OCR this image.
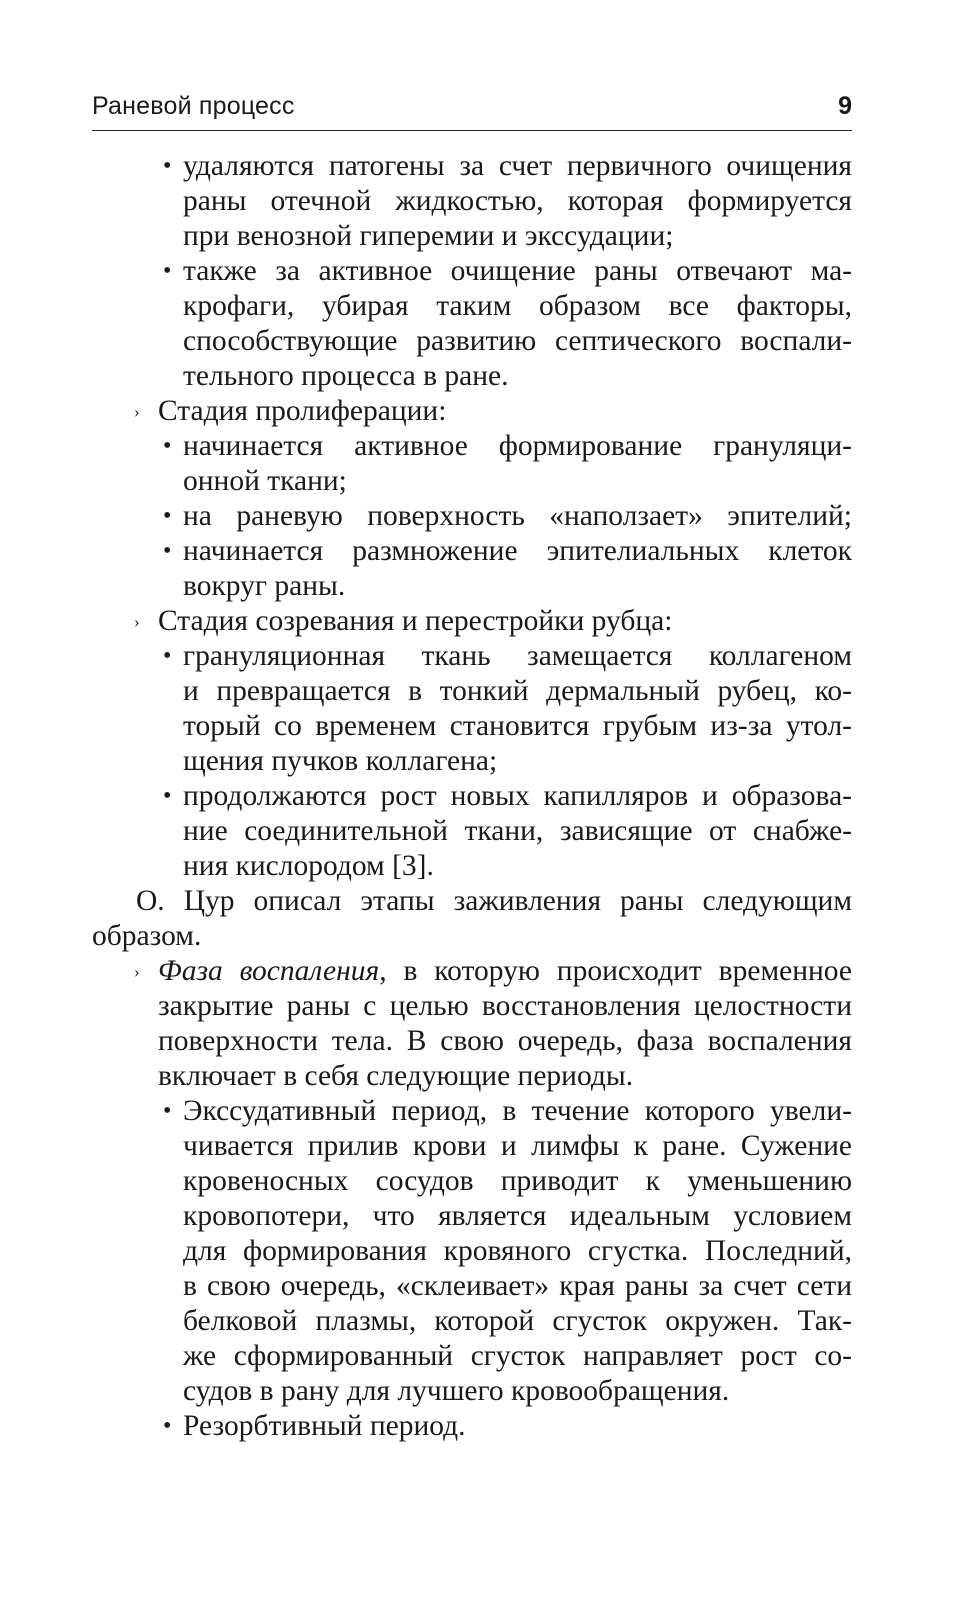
Раневой процесс	9
• удаляются патогены за счет первичного очищения
раны отечной жидкостью, которая формируется
при венозной гиперемии и экссудации;
• также за активное очищение раны отвечают ма-
крофаги, убирая таким образом все факторы,
способствующие развитию септического воспали-
тельного процесса в ране.
› Стадия пролиферации:
• начинается активное формирование грануляци-
онной ткани;
• на раневую поверхность «наползает» эпителий;
• начинается размножение эпителиальных клеток
вокруг раны.
› Стадия созревания и перестройки рубца:
• грануляционная ткань замещается коллагеном
и превращается в тонкий дермальный рубец, ко-
торый со временем становится грубым из-за утол-
щения пучков коллагена;
• продолжаются рост новых капилляров и образова-
ние соединительной ткани, зависящие от снабже-
ния кислородом [3].
О. Цур описал этапы заживления раны следующим
образом.
› Фаза воспаления, в которую происходит временное
закрытие раны с целью восстановления целостности
поверхности тела. В свою очередь, фаза воспаления
включает в себя следующие периоды.
• Экссудативный период, в течение которого увели-
чивается прилив крови и лимфы к ране. Сужение
кровеносных сосудов приводит к уменьшению
кровопотери, что является идеальным условием
для формирования кровяного сгустка. Последний,
в свою очередь, «склеивает» края раны за счет сети
белковой плазмы, которой сгусток окружен. Так-
же сформированный сгусток направляет рост со-
судов в рану для лучшего кровообращения.
• Резорбтивный период.
